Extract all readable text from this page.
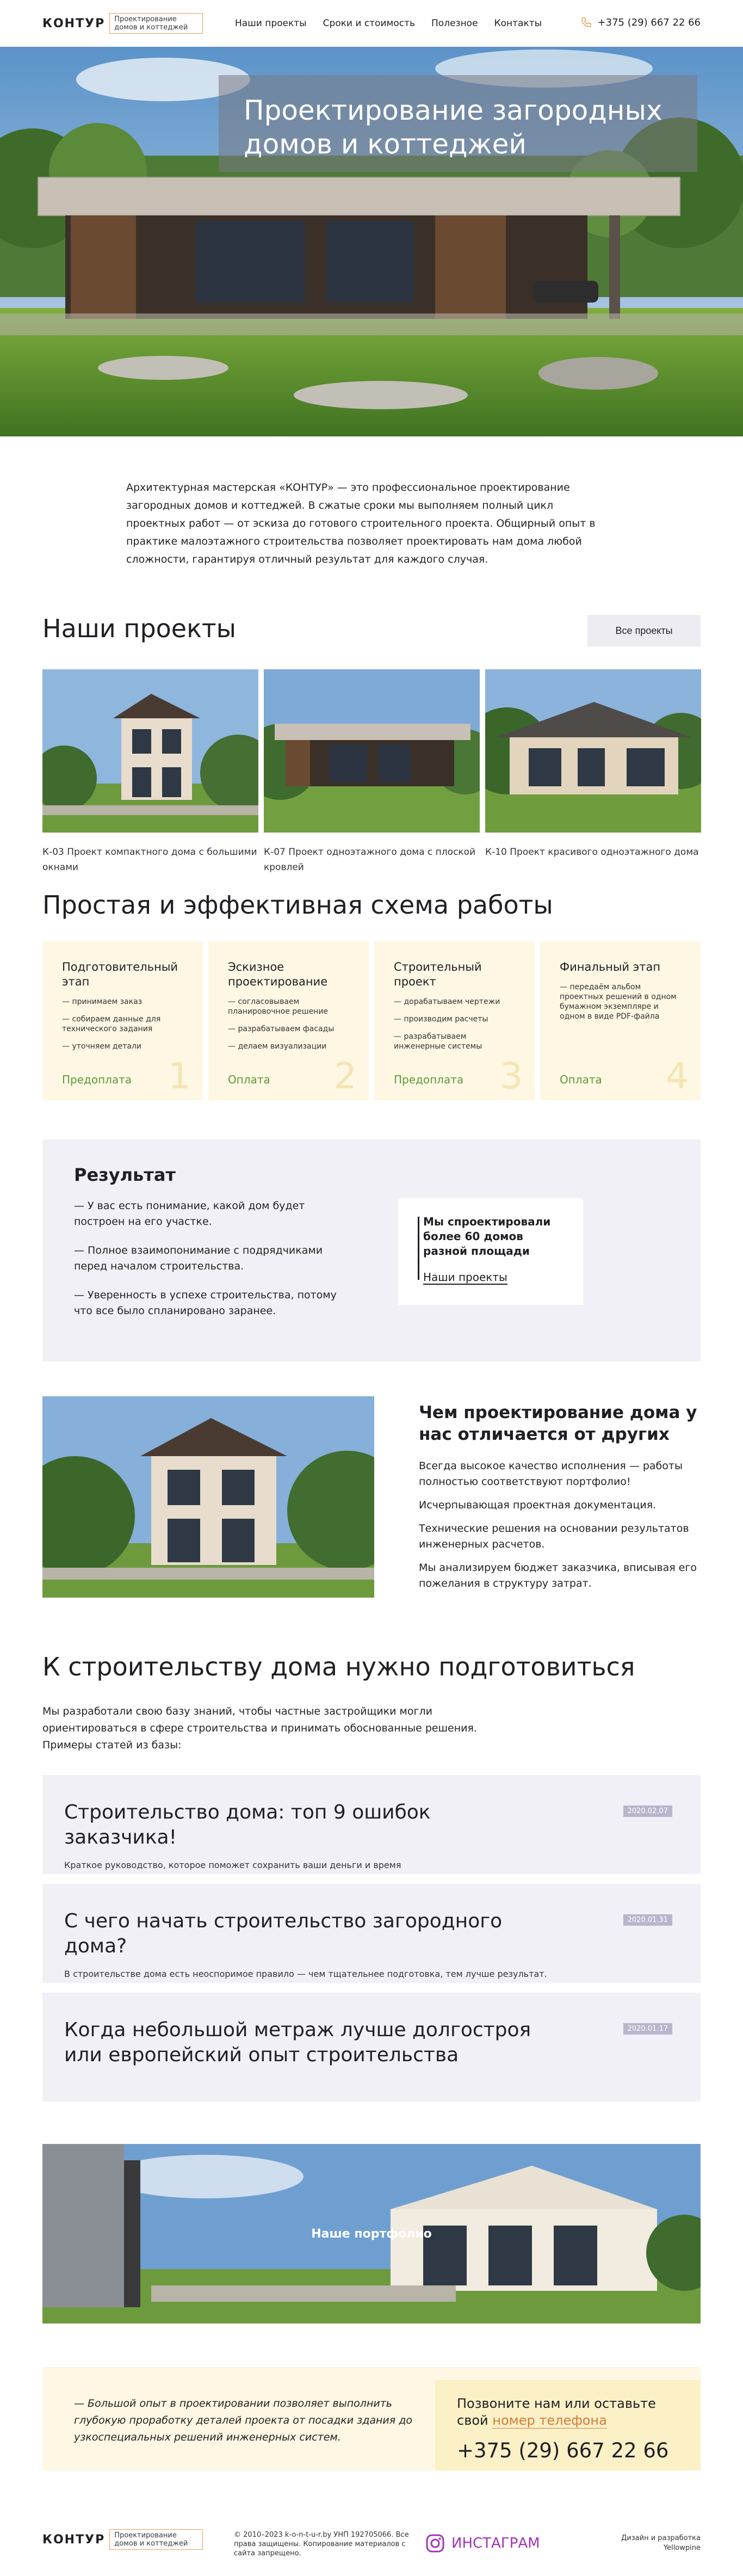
КОНТУР	Проектирование домов и коттеджей	Наши проекты Сроки и стоимость Полезное Контакты	+375 (29) 667 22 66
Проектирование загородных домов и коттеджей

Архитектурная мастерская «КОНТУР» — это профессиональное проектирование загородных домов и коттеджей. В сжатые сроки мы выполняем полный цикл проектных работ — от эскиза до готового строительного проекта. Общирный опыт в практике малоэтажного строительства позволяет проектировать нам дома любой сложности, гарантируя отличный результат для каждого случая.

Наши проекты	Все проекты

К-03 Проект компактного дома с большими окнами

К-07 Проект одноэтажного дома с плоской кровлей

К-10 Проект красивого одноэтажного дома

Простая и эффективная схема работы
Подготовительный этап
— принимаем заказ
— собираем данные для технического задания
— уточняем детали
Предоплата 1
Эскизное проектирование
— согласовываем планировочное решение
— разрабатываем фасады
— делаем визуализации
Оплата 2
Строительный проект
— дорабатываем чертежи
— производим расчеты
— разрабатываем инженерные системы
Предоплата 3
Финальный этап
— передаём альбом проектных решений в одном бумажном экземпляре и одном в виде PDF-файла
Оплата 4
Результат

— У вас есть понимание, какой дом будет построен на его участке.

— Полное взаимопонимание с подрядчиками перед началом строительства.

— Уверенность в успехе строительства, потому что все было спланировано заранее.

Мы спроектировали более 60 домов разной площади

Наши проекты
Чем проектирование дома у нас отличается от других

Всегда высокое качество исполнения — работы полностью соответствуют портфолио!

Исчерпывающая проектная документация.

Технические решения на основании результатов инженерных расчетов.

Мы анализируем бюджет заказчика, вписывая его пожелания в структуру затрат.

К строительству дома нужно подготовиться

Мы разработали свою базу знаний, чтобы частные застройщики могли ориентироваться в сфере строительства и принимать обоснованные решения. Примеры статей из базы:

Строительство дома: топ 9 ошибок заказчика!
Краткое руководство, которое поможет сохранить ваши деньги и время
2020.02.07
С чего начать строительство загородного дома?
В строительстве дома есть неоспоримое правило — чем тщательнее подготовка, тем лучше результат.
2020.01.31
Когда небольшой метраж лучше долгостроя или европейский опыт строительства
2020.01.17
Наше портфолио

— Большой опыт в проектировании позволяет выполнить глубокую проработку деталей проекта от посадки здания до узкоспециальных решений инженерных систем.

Позвоните нам или оставьте свой номер телефона

+375 (29) 667 22 66

КОНТУР	Проектирование домов и коттеджей

© 2010–2023 k-o-n-t-u-r.by УНП 192705066. Все права защищены. Копирование материалов с сайта запрещено.

ИНСТАГРАМ	Дизайн и разработка
Yellowpine
